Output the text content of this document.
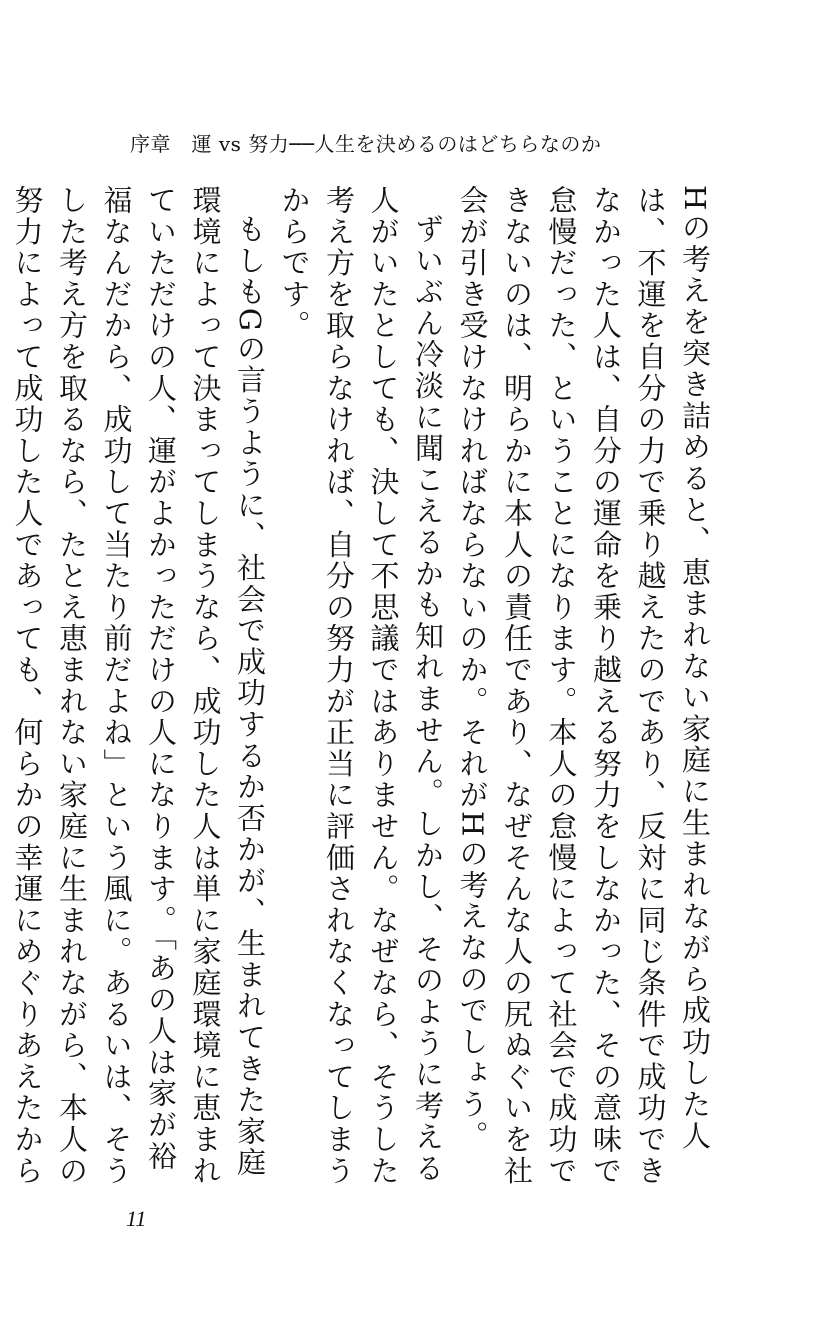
序章　運 vs 努力──人生を決めるのはどちらなのか

Hの考えを突き詰めると、恵まれない家庭に生まれながら成功した人は、不運を自分の力で乗り越えたのであり、反対に同じ条件で成功できなかった人は、自分の運命を乗り越える努力をしなかった、その意味で怠慢だった、ということになります。本人の怠慢によって社会で成功できないのは、明らかに本人の責任であり、なぜそんな人の尻ぬぐいを社会が引き受けなければならないのか。それがHの考えなのでしょう。

ずいぶん冷淡に聞こえるかも知れません。しかし、そのように考える人がいたとしても、決して不思議ではありません。なぜなら、そうした考え方を取らなければ、自分の努力が正当に評価されなくなってしまうからです。

もしもGの言うように、社会で成功するか否かが、生まれてきた家庭環境によって決まってしまうなら、成功した人は単に家庭環境に恵まれていただけの人、運がよかっただけの人になります。「あの人は家が裕福なんだから、成功して当たり前だよね」という風に。あるいは、そうした考え方を取るなら、たとえ恵まれない家庭に生まれながら、本人の努力によって成功した人であっても、何らかの幸運にめぐりあえたから

11
